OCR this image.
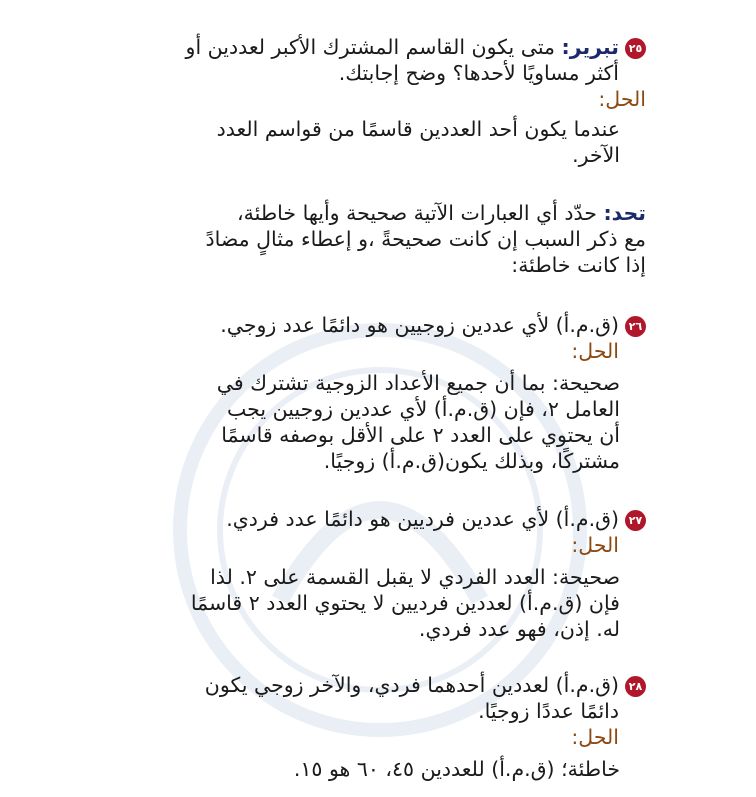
٢٥تبرير: متى يكون القاسم المشترك الأكبر لعددين أو
أكثر مساويًا لأحدها؟ وضح إجابتك.
الحل:
عندما يكون أحد العددين قاسمًا من قواسم العدد
الآخر.
تحد: حدّد أي العبارات الآتية صحيحة وأيها خاطئة،
مع ذكر السبب إن كانت صحيحةً ،و إعطاء مثالٍ مضادً
إذا كانت خاطئة:
٢٦(ق.م.أ) لأي عددين زوجيين هو دائمًا عدد زوجي.
الحل:
صحيحة: بما أن جميع الأعداد الزوجية تشترك في
العامل ٢، فإن (ق.م.أ) لأي عددين زوجيين يجب
أن يحتوي على العدد ٢ على الأقل بوصفه قاسمًا
مشتركًا، وبذلك يكون(ق.م.أ) زوجيًا.
٢٧(ق.م.أ) لأي عددين فرديين هو دائمًا عدد فردي.
الحل:
صحيحة: العدد الفردي لا يقبل القسمة على ٢. لذا
فإن (ق.م.أ) لعددين فرديين لا يحتوي العدد ٢ قاسمًا
له. إذن، فهو عدد فردي.
٢٨(ق.م.أ) لعددين أحدهما فردي، والآخر زوجي يكون
دائمًا عددًا زوجيًا.
الحل:
خاطئة؛ (ق.م.أ) للعددين ٤٥، ٦٠ هو ١٥.
